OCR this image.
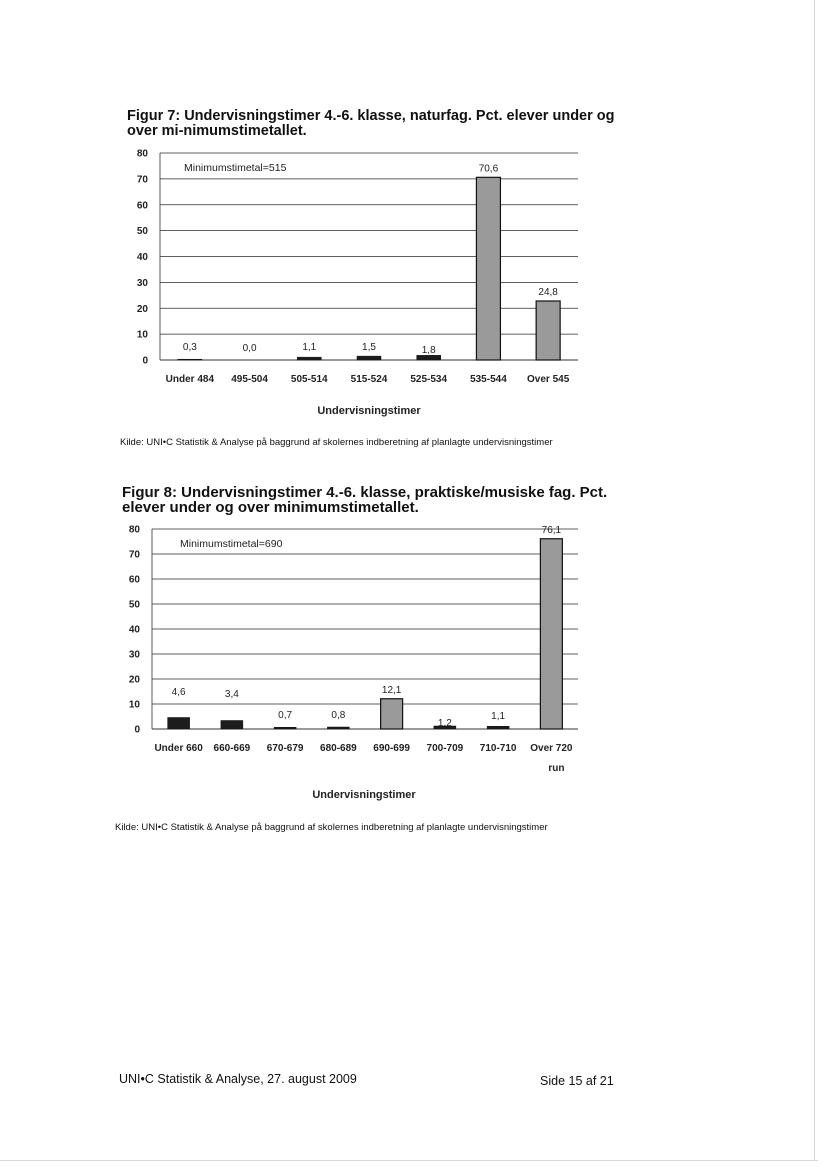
Figur 7: Undervisningstimer 4.-6. klasse, naturfag. Pct. elever under og over mi-nimumstimetallet.
0
10
20
30
40
50
60
70
80
Minimumstimetal=515
0,3
Under 484
0,0
495-504
1,1
505-514
1,5
515-524
1,8
525-534
70,6
535-544
24,8
Over 545
Undervisningstimer

Kilde: UNI•C Statistik & Analyse på baggrund af skolernes indberetning af planlagte undervisningstimer

Figur 8: Undervisningstimer 4.-6. klasse, praktiske/musiske fag. Pct. elever under og over minimumstimetallet.
0
10
20
30
40
50
60
70
80
Minimumstimetal=690
4,6
Under 660
3,4
660-669
0,7
670-679
0,8
680-689
12,1
690-699
1,2
700-709
1,1
710-710
76,1
Over 720
run
Undervisningstimer

Kilde: UNI•C Statistik & Analyse på baggrund af skolernes indberetning af planlagte undervisningstimer

UNI•C Statistik & Analyse, 27. august 2009	Side 15 af 21
